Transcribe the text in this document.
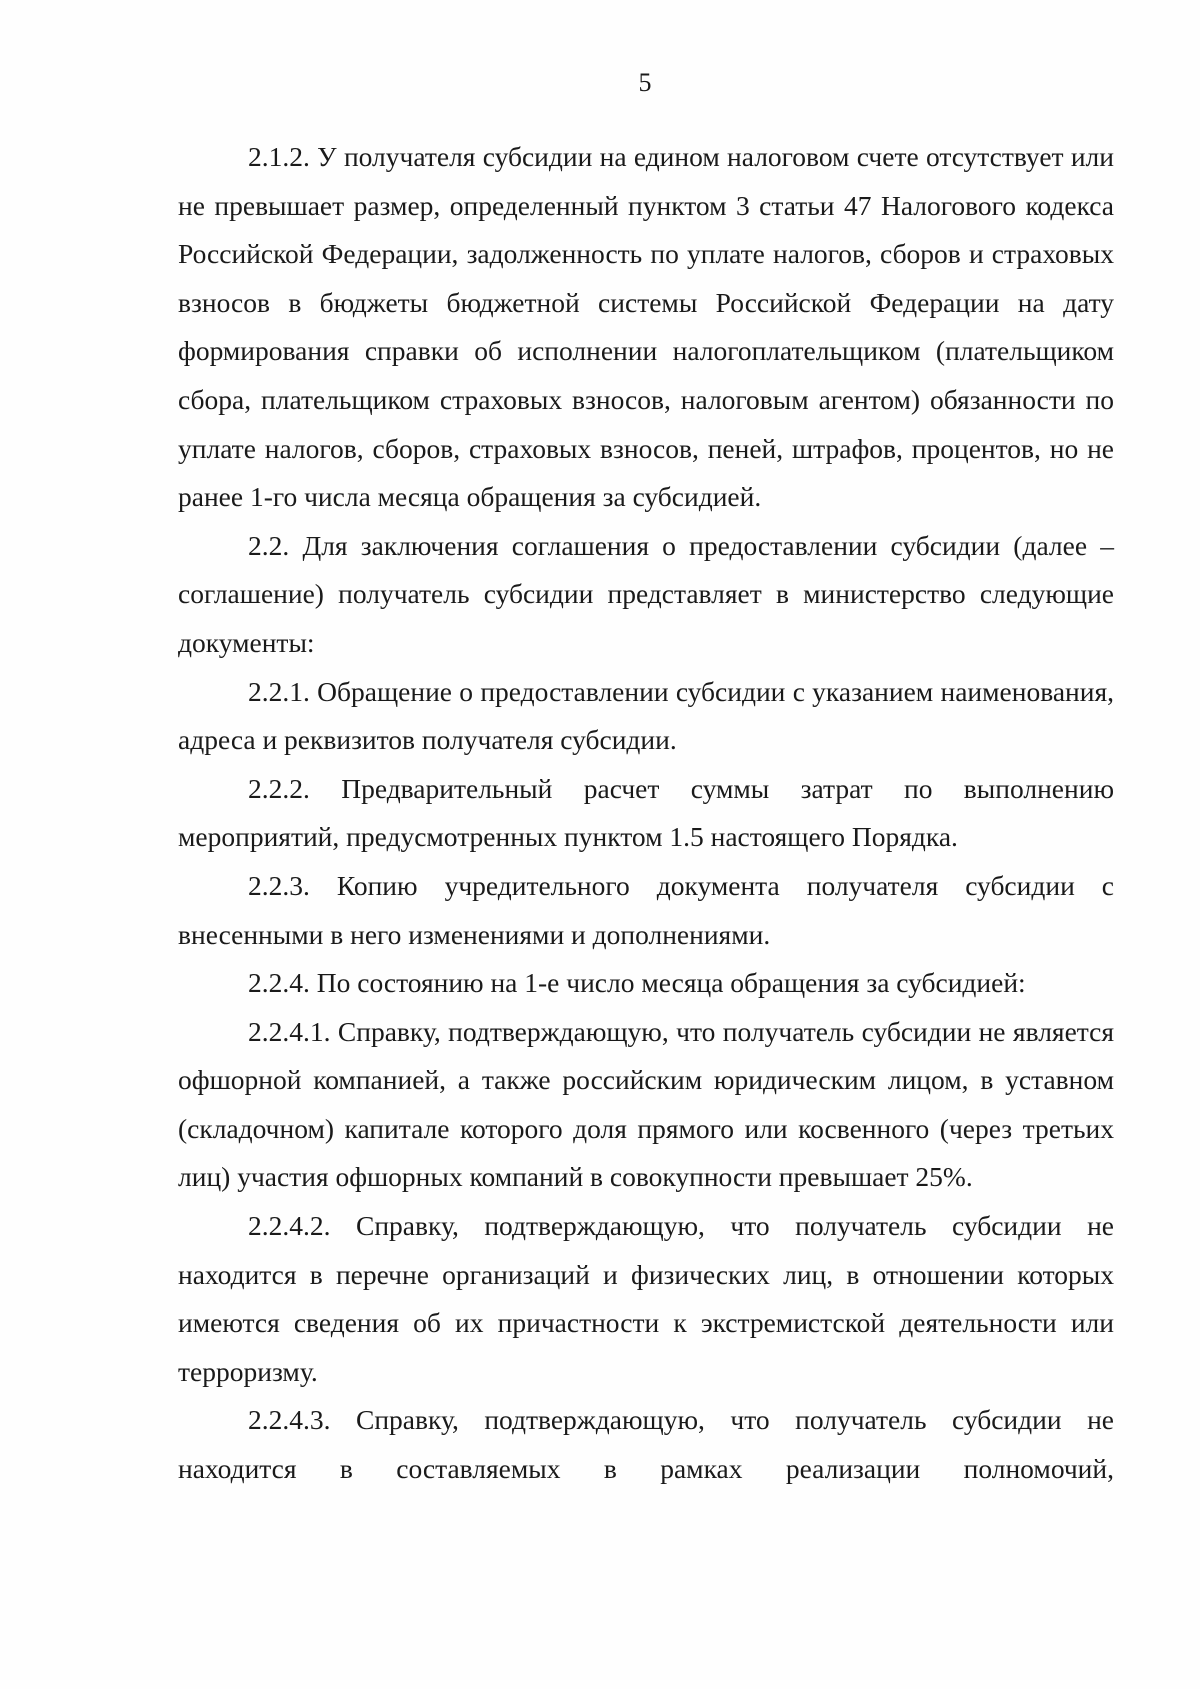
5

2.1.2. У получателя субсидии на едином налоговом счете отсутствует или не превышает размер, определенный пунктом 3 статьи 47 Налогового кодекса Российской Федерации, задолженность по уплате налогов, сборов и страховых взносов в бюджеты бюджетной системы Российской Федерации на дату формирования справки об исполнении налогоплательщиком (плательщиком сбора, плательщиком страховых взносов, налоговым агентом) обязанности по уплате налогов, сборов, страховых взносов, пеней, штрафов, процентов, но не ранее 1-го числа месяца обращения за субсидией.

2.2. Для заключения соглашения о предоставлении субсидии (далее – соглашение) получатель субсидии представляет в министерство следующие документы:

2.2.1. Обращение о предоставлении субсидии с указанием наименования, адреса и реквизитов получателя субсидии.

2.2.2. Предварительный расчет суммы затрат по выполнению мероприятий, предусмотренных пунктом 1.5 настоящего Порядка.

2.2.3. Копию учредительного документа получателя субсидии с внесенными в него изменениями и дополнениями.

2.2.4. По состоянию на 1-е число месяца обращения за субсидией:

2.2.4.1. Справку, подтверждающую, что получатель субсидии не является офшорной компанией, а также российским юридическим лицом, в уставном (складочном) капитале которого доля прямого или косвенного (через третьих лиц) участия офшорных компаний в совокупности превышает 25%.

2.2.4.2. Справку, подтверждающую, что получатель субсидии не находится в перечне организаций и физических лиц, в отношении которых имеются сведения об их причастности к экстремистской деятельности или терроризму.

2.2.4.3. Справку, подтверждающую, что получатель субсидии не находится в составляемых в рамках реализации полномочий,
